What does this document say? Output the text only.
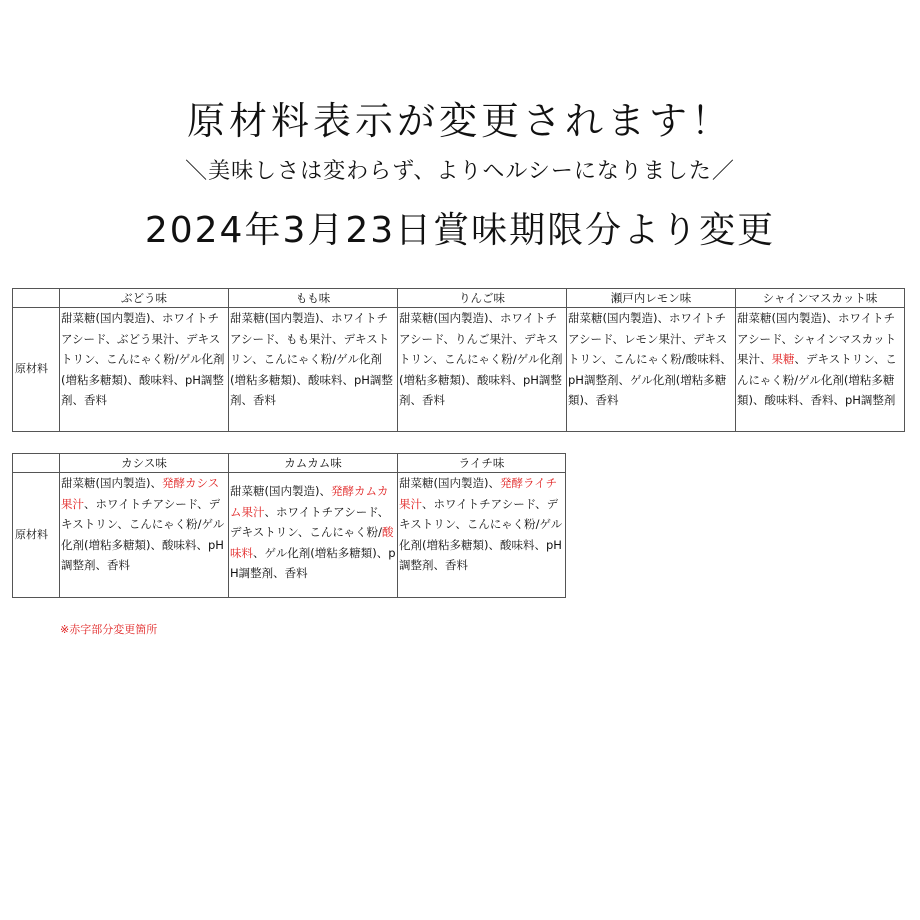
原材料表示が変更されます！
＼美味しさは変わらず、よりヘルシーになりました／
2024年3月23日賞味期限分より変更
	ぶどう味	もも味	りんご味	瀬戸内レモン味	シャインマスカット味
原材料	甜菜糖(国内製造)、ホワイトチアシード、ぶどう果汁、デキストリン、こんにゃく粉/ゲル化剤(増粘多糖類)、酸味料、pH調整剤、香料	甜菜糖(国内製造)、ホワイトチアシード、もも果汁、デキストリン、こんにゃく粉/ゲル化剤(増粘多糖類)、酸味料、pH調整剤、香料	甜菜糖(国内製造)、ホワイトチアシード、りんご果汁、デキストリン、こんにゃく粉/ゲル化剤(増粘多糖類)、酸味料、pH調整剤、香料	甜菜糖(国内製造)、ホワイトチアシード、レモン果汁、デキストリン、こんにゃく粉/酸味料、pH調整剤、ゲル化剤(増粘多糖類)、香料	甜菜糖(国内製造)、ホワイトチアシード、シャインマスカット果汁、果糖、デキストリン、こんにゃく粉/ゲル化剤(増粘多糖類)、酸味料、香料、pH調整剤
	カシス味	カムカム味	ライチ味
原材料	甜菜糖(国内製造)、発酵カシス果汁、ホワイトチアシード、デキストリン、こんにゃく粉/ゲル化剤(増粘多糖類)、酸味料、pH調整剤、香料	甜菜糖(国内製造)、発酵カムカム果汁、ホワイトチアシード、デキストリン、こんにゃく粉/酸味料、ゲル化剤(増粘多糖類)、pH調整剤、香料	甜菜糖(国内製造)、発酵ライチ果汁、ホワイトチアシード、デキストリン、こんにゃく粉/ゲル化剤(増粘多糖類)、酸味料、pH調整剤、香料
※赤字部分変更箇所
